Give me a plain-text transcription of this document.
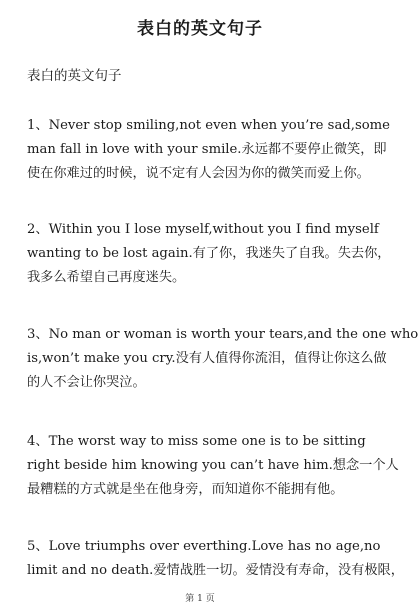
表白的英文句子
表白的英文句子
1、Never stop smiling,not even when you’re sad,some
man fall in love with your smile.永远都不要停止微笑，即
使在你难过的时候，说不定有人会因为你的微笑而爱上你。
2、Within you I lose myself,without you I find myself
wanting to be lost again.有了你，我迷失了自我。失去你，
我多么希望自己再度迷失。
3、No man or woman is worth your tears,and the one who
is,won’t make you cry.没有人值得你流泪，值得让你这么做
的人不会让你哭泣。
4、The worst way to miss some one is to be sitting
right beside him knowing you can’t have him.想念一个人
最糟糕的方式就是坐在他身旁，而知道你不能拥有他。
5、Love triumphs over everthing.Love has no age,no
limit and no death.爱情战胜一切。爱情没有寿命，没有极限，
第 1 页
